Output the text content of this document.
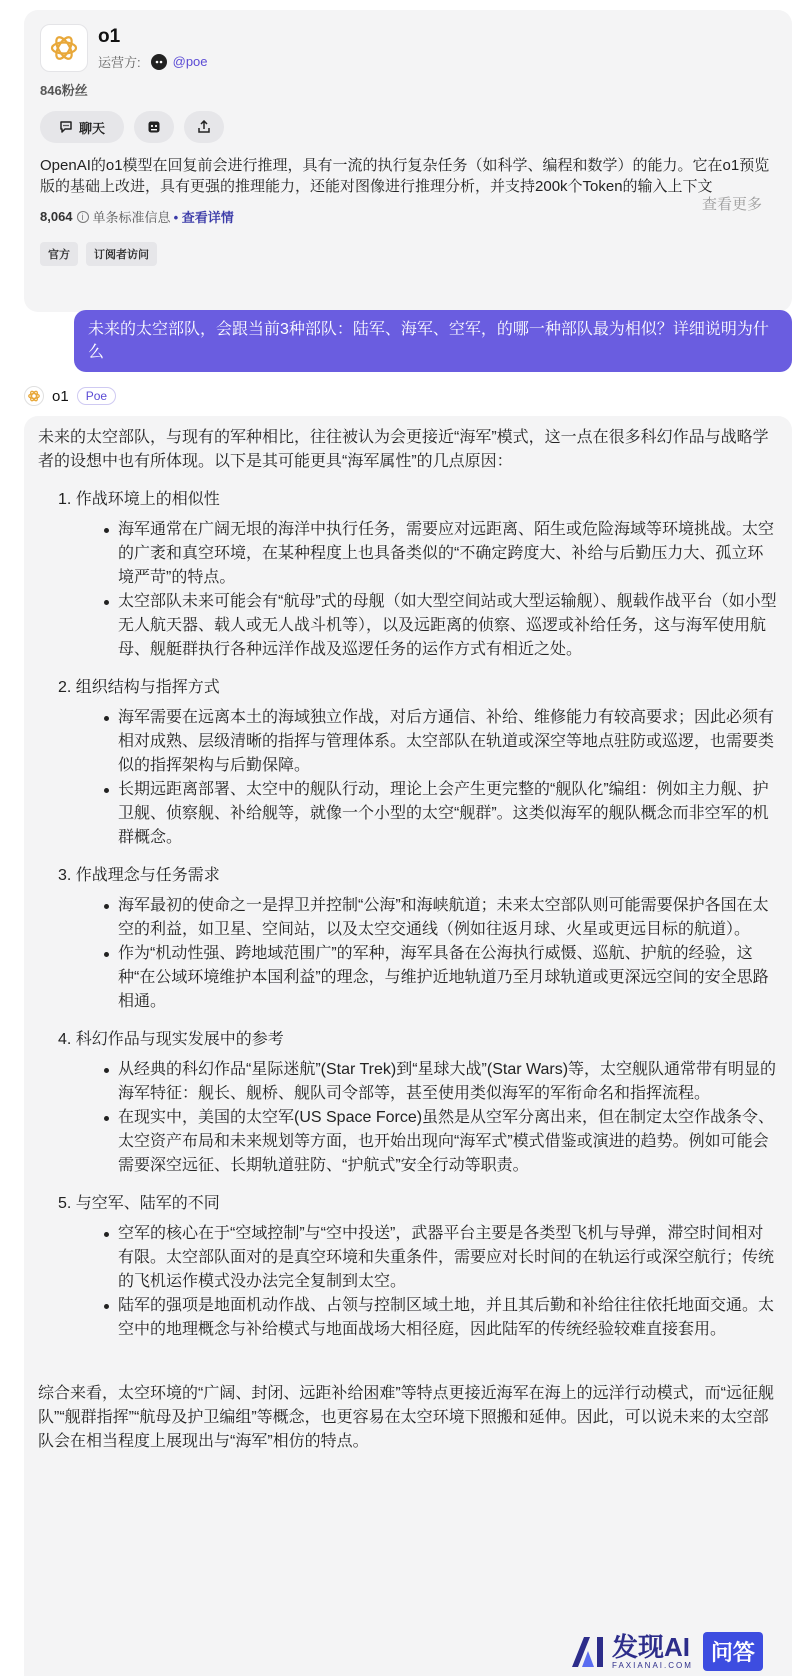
o1
运营方: @poe
846粉丝
聊天
OpenAI的o1模型在回复前会进行推理，具有一流的执行复杂任务（如科学、编程和数学）的能力。它在o1预览版的基础上改进，具有更强的推理能力，还能对图像进行推理分析，并支持200k个Token的输入上下文
查看更多
8,064	i 单条标准信息 • 查看详情
官方	订阅者访问
未来的太空部队，会跟当前3种部队：陆军、海军、空军，的哪一种部队最为相似？详细说明为什么
o1	Poe
未来的太空部队，与现有的军种相比，往往被认为会更接近“海军”模式，这一点在很多科幻作品与战略学者的设想中也有所体现。以下是其可能更具“海军属性”的几点原因：
1. 作战环境上的相似性
海军通常在广阔无垠的海洋中执行任务，需要应对远距离、陌生或危险海域等环境挑战。太空的广袤和真空环境，在某种程度上也具备类似的“不确定跨度大、补给与后勤压力大、孤立环境严苛”的特点。
太空部队未来可能会有“航母”式的母舰（如大型空间站或大型运输舰）、舰载作战平台（如小型无人航天器、载人或无人战斗机等），以及远距离的侦察、巡逻或补给任务，这与海军使用航母、舰艇群执行各种远洋作战及巡逻任务的运作方式有相近之处。
2. 组织结构与指挥方式
海军需要在远离本土的海域独立作战，对后方通信、补给、维修能力有较高要求；因此必须有相对成熟、层级清晰的指挥与管理体系。太空部队在轨道或深空等地点驻防或巡逻，也需要类似的指挥架构与后勤保障。
长期远距离部署、太空中的舰队行动，理论上会产生更完整的“舰队化”编组：例如主力舰、护卫舰、侦察舰、补给舰等，就像一个小型的太空“舰群”。这类似海军的舰队概念而非空军的机群概念。
3. 作战理念与任务需求
海军最初的使命之一是捍卫并控制“公海”和海峡航道；未来太空部队则可能需要保护各国在太空的利益，如卫星、空间站，以及太空交通线（例如往返月球、火星或更远目标的航道）。
作为“机动性强、跨地域范围广”的军种，海军具备在公海执行威慑、巡航、护航的经验，这种“在公域环境维护本国利益”的理念，与维护近地轨道乃至月球轨道或更深远空间的安全思路相通。
4. 科幻作品与现实发展中的参考
从经典的科幻作品“星际迷航”(Star Trek)到“星球大战”(Star Wars)等，太空舰队通常带有明显的海军特征：舰长、舰桥、舰队司令部等，甚至使用类似海军的军衔命名和指挥流程。
在现实中，美国的太空军(US Space Force)虽然是从空军分离出来，但在制定太空作战条令、太空资产布局和未来规划等方面，也开始出现向“海军式”模式借鉴或演进的趋势。例如可能会需要深空远征、长期轨道驻防、“护航式”安全行动等职责。
5. 与空军、陆军的不同
空军的核心在于“空域控制”与“空中投送”，武器平台主要是各类型飞机与导弹，滞空时间相对有限。太空部队面对的是真空环境和失重条件，需要应对长时间的在轨运行或深空航行；传统的飞机运作模式没办法完全复制到太空。
陆军的强项是地面机动作战、占领与控制区域土地，并且其后勤和补给往往依托地面交通。太空中的地理概念与补给模式与地面战场大相径庭，因此陆军的传统经验较难直接套用。
综合来看，太空环境的“广阔、封闭、远距补给困难”等特点更接近海军在海上的远洋行动模式，而“远征舰队”“舰群指挥”“航母及护卫编组”等概念，也更容易在太空环境下照搬和延伸。因此，可以说未来的太空部队会在相当程度上展现出与“海军”相仿的特点。
发现AI
FAXIANAI.COM
问答
